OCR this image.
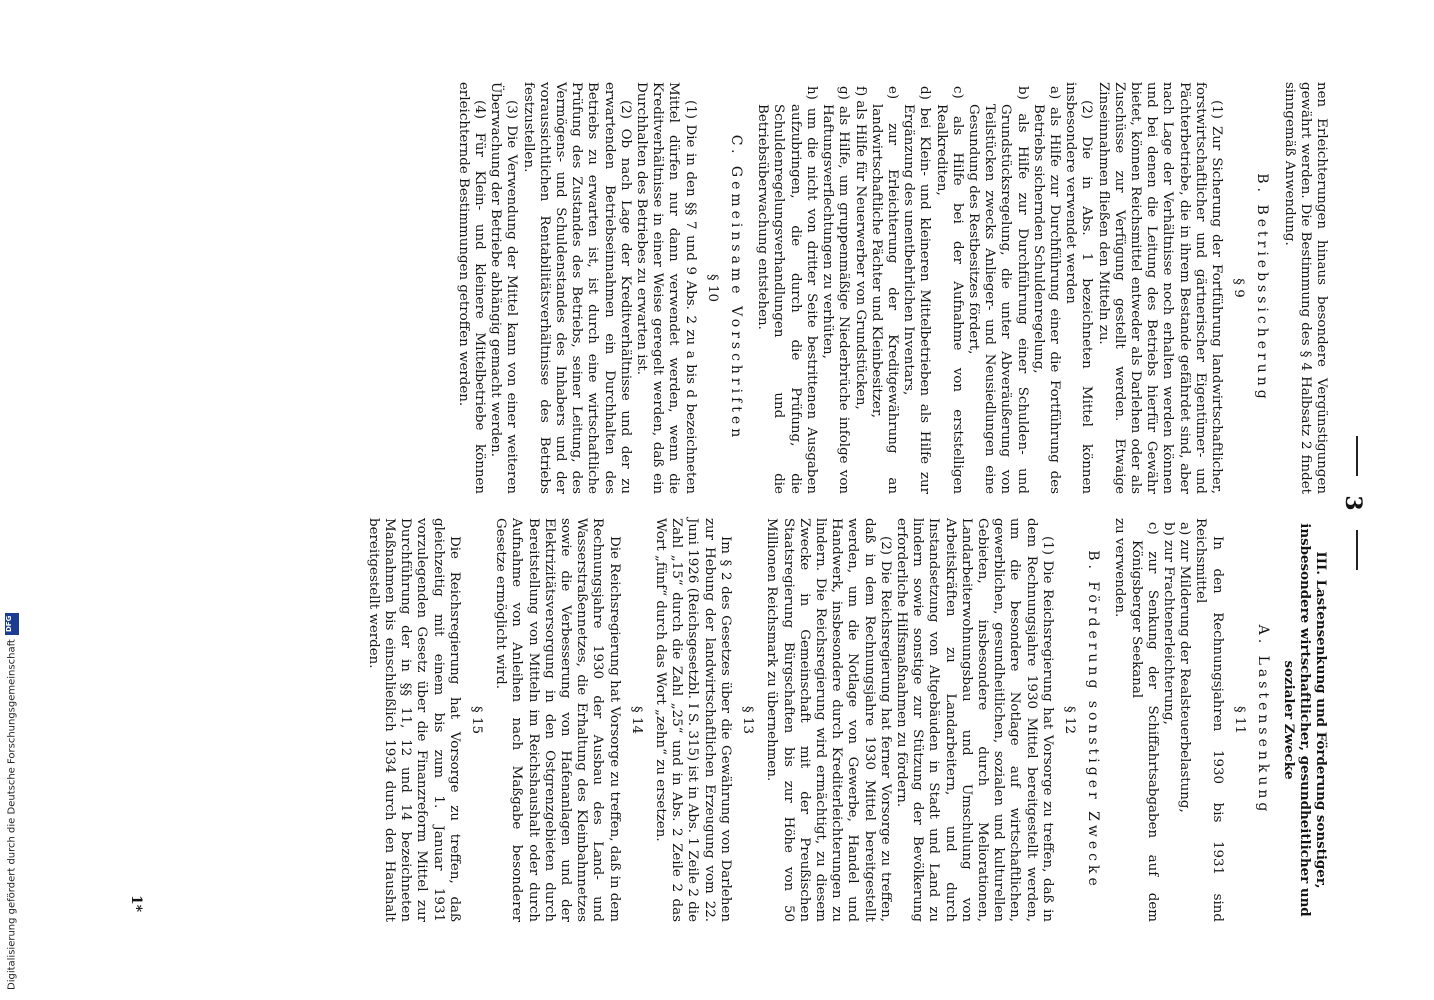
3

nen Erleichterungen hinaus besondere Vergünstigungen gewährt werden. Die Bestimmung des § 4 Halbsatz 2 findet sinngemäß Anwendung.

B. Betriebssicherung
§ 9

(1) Zur Sicherung der Fortführung landwirtschaftlicher, forstwirtschaftlicher und gärtnerischer Eigentümer- und Pächterbetriebe, die in ihrem Bestande gefährdet sind, aber nach Lage der Verhältnisse noch erhalten werden können und bei denen die Leitung des Betriebs hierfür Gewähr bietet, können Reichsmittel entweder als Darlehen oder als Zuschüsse zur Verfügung gestellt werden. Etwaige Zinseinnahmen fließen den Mitteln zu.

(2) Die in Abs. 1 bezeichneten Mittel können insbesondere verwendet werden

a) als Hilfe zur Durchführung einer die Fortführung des Betriebs sichernden Schuldenregelung,

b) als Hilfe zur Durchführung einer Schulden- und Grundstücksregelung, die unter Abveräußerung von Teilstücken zwecks Anlieger- und Neusiedlungen eine Gesundung des Restbesitzes fördert,

c) als Hilfe bei der Aufnahme von erststelligen Realkrediten,

d) bei Klein- und kleineren Mittelbetrieben als Hilfe zur Ergänzung des unentbehrlichen Inventars,

e) zur Erleichterung der Kreditgewährung an landwirtschaftliche Pächter und Kleinbesitzer,

f) als Hilfe für Neuerwerber von Grundstücken,

g) als Hilfe, um gruppenmäßige Niederbrüche infolge von Haftungsverflechtungen zu verhüten,

h) um die nicht von dritter Seite bestrittenen Ausgaben aufzubringen, die durch die Prüfung, die Schuldenregelungsverhandlungen und die Betriebsüberwachung entstehen.

C. Gemeinsame Vorschriften
§ 10

(1) Die in den §§ 7 und 9 Abs. 2 zu a bis d bezeichneten Mittel dürfen nur dann verwendet werden, wenn die Kreditverhältnisse in einer Weise geregelt werden, daß ein Durchhalten des Betriebes zu erwarten ist.

(2) Ob nach Lage der Kreditverhältnisse und der zu erwartenden Betriebseinnahmen ein Durchhalten des Betriebs zu erwarten ist, ist durch eine wirtschaftliche Prüfung des Zustandes des Betriebs, seiner Leitung, des Vermögens- und Schuldenstandes des Inhabers und der voraussichtlichen Rentabilitätsverhältnisse des Betriebs festzustellen.

(3) Die Verwendung der Mittel kann von einer weiteren Überwachung der Betriebe abhängig gemacht werden.

(4) Für Klein- und kleinere Mittelbetriebe können erleichternde Bestimmungen getroffen werden.

III. Lastensenkung und Förderung sonstiger, insbesondere wirtschaftlicher, gesundheitlicher und sozialer Zwecke
A. Lastensenkung
§ 11

In den Rechnungsjahren 1930 bis 1931 sind Reichsmittel

a) zur Milderung der Realsteuerbelastung,

b) zur Frachtenerleichterung,

c) zur Senkung der Schiffahrtsabgaben auf dem Königsberger Seekanal

zu verwenden.

B. Förderung sonstiger Zwecke
§ 12

(1) Die Reichsregierung hat Vorsorge zu treffen, daß in dem Rechnungsjahre 1930 Mittel bereitgestellt werden, um die besondere Notlage auf wirtschaftlichen, gewerblichen, gesundheitlichen, sozialen und kulturellen Gebieten, insbesondere durch Meliorationen, Landarbeiterwohnungsbau und Umschulung von Arbeitskräften zu Landarbeitern, und durch Instandsetzung von Altgebäuden in Stadt und Land zu lindern sowie sonstige zur Stützung der Bevölkerung erforderliche Hilfsmaßnahmen zu fördern.

(2) Die Reichsregierung hat ferner Vorsorge zu treffen, daß in dem Rechnungsjahre 1930 Mittel bereitgestellt werden, um die Notlage von Gewerbe, Handel und Handwerk, insbesondere durch Krediterleichterungen zu lindern. Die Reichsregierung wird ermächtigt, zu diesem Zwecke in Gemeinschaft mit der Preußischen Staatsregierung Bürgschaften bis zur Höhe von 50 Millionen Reichsmark zu übernehmen.

§ 13

Im § 2 des Gesetzes über die Gewährung von Darlehen zur Hebung der landwirtschaftlichen Erzeugung vom 22. Juni 1926 (Reichsgesetzbl. I S. 315) ist in Abs. 1 Zeile 2 die Zahl „15“ durch die Zahl „25“ und in Abs. 2 Zeile 2 das Wort „fünf“ durch das Wort „zehn“ zu ersetzen.

§ 14

Die Reichsregierung hat Vorsorge zu treffen, daß in dem Rechnungsjahre 1930 der Ausbau des Land- und Wasserstraßennetzes, die Erhaltung des Kleinbahnnetzes sowie die Verbesserung von Hafenanlagen und der Elektrizitätsversorgung in den Ostgrenzgebieten durch Bereitstellung von Mitteln im Reichshaushalt oder durch Aufnahme von Anleihen nach Maßgabe besonderer Gesetze ermöglicht wird.

§ 15

Die Reichsregierung hat Vorsorge zu treffen, daß gleichzeitig mit einem bis zum 1. Januar 1931 vorzulegenden Gesetz über die Finanzreform Mittel zur Durchführung der in §§ 11, 12 und 14 bezeichneten Maßnahmen bis einschließlich 1934 durch den Haushalt bereitgestellt werden.

1*
Digitalisierung gefördert durch die Deutsche Forschungsgemeinschaft
DFG
